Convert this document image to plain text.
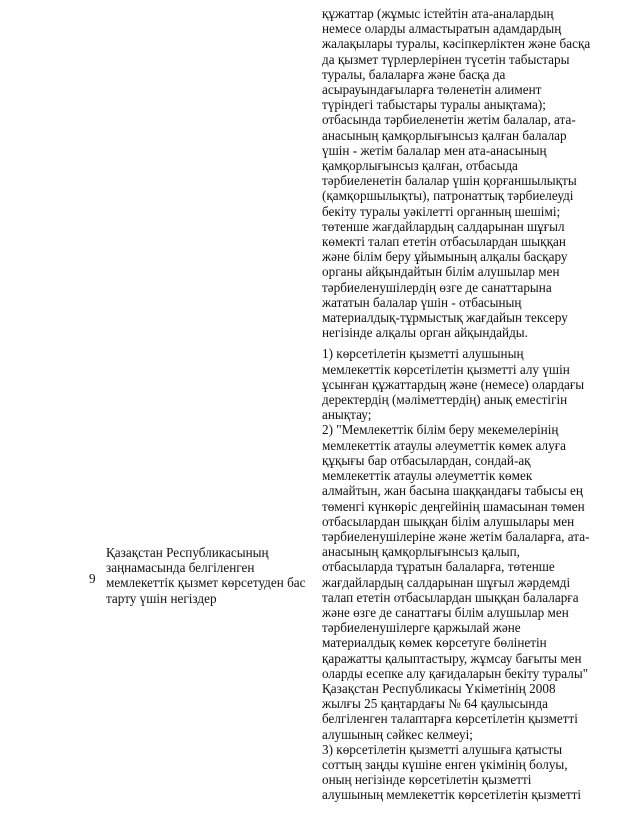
9
Қазақстан Республикасының
заңнамасында белгіленген
мемлекеттік қызмет көрсетуден бас
тарту үшін негіздер
құжаттар (жұмыс істейтін ата-аналардың
немесе оларды алмастыратын адамдардың
жалақылары туралы, кәсіпкерліктен және басқа
да қызмет түрлерлерінен түсетін табыстары
туралы, балаларға және басқа да
асырауындағыларға төленетін алимент
түріндегі табыстары туралы анықтама);
отбасында тәрбиеленетін жетім балалар, ата-
анасының қамқорлығынсыз қалған балалар
үшін - жетім балалар мен ата-анасының
қамқорлығынсыз қалған, отбасыда
тәрбиеленетін балалар үшін қорғаншылықты
(қамқоршылықты), патронаттық тәрбиелеуді
бекіту туралы уәкілетті органның шешімі;
төтенше жағдайлардың салдарынан шұғыл
көмекті талап ететін отбасылардан шыққан
және білім беру ұйымының алқалы басқару
органы айқындайтын білім алушылар мен
тәрбиеленушілердің өзге де санаттарына
жататын балалар үшін - отбасының
материалдық-тұрмыстық жағдайын тексеру
негізінде алқалы орган айқындайды.
1) көрсетілетін қызметті алушының
мемлекеттік көрсетілетін қызметті алу үшін
ұсынған құжаттардың және (немесе) олардағы
деректердің (мәліметтердің) анық еместігін
анықтау;
2) "Мемлекеттік білім беру мекемелерінің
мемлекеттік атаулы әлеуметтік көмек алуға
құқығы бар отбасылардан, сондай-ақ
мемлекеттік атаулы әлеуметтік көмек
алмайтын, жан басына шаққандағы табысы ең
төменгі күнкөріс деңгейінің шамасынан төмен
отбасылардан шыққан білім алушылары мен
тәрбиеленушілеріне және жетім балаларға, ата-
анасының қамқорлығынсыз қалып,
отбасыларда тұратын балаларға, төтенше
жағдайлардың салдарынан шұғыл жәрдемді
талап ететін отбасылардан шыққан балаларға
және өзге де санаттағы білім алушылар мен
тәрбиеленушілерге қаржылай және
материалдық көмек көрсетуге бөлінетін
қаражатты қалыптастыру, жұмсау бағыты мен
оларды есепке алу қағидаларын бекіту туралы"
Қазақстан Республикасы Үкіметінің 2008
жылғы 25 қаңтардағы № 64 қаулысында
белгіленген талаптарға көрсетілетін қызметті
алушының сәйкес келмеуі;
3) көрсетілетін қызметті алушыға қатысты
соттың заңды күшіне енген үкімінің болуы,
оның негізінде көрсетілетін қызметті
алушының мемлекеттік көрсетілетін қызметті
